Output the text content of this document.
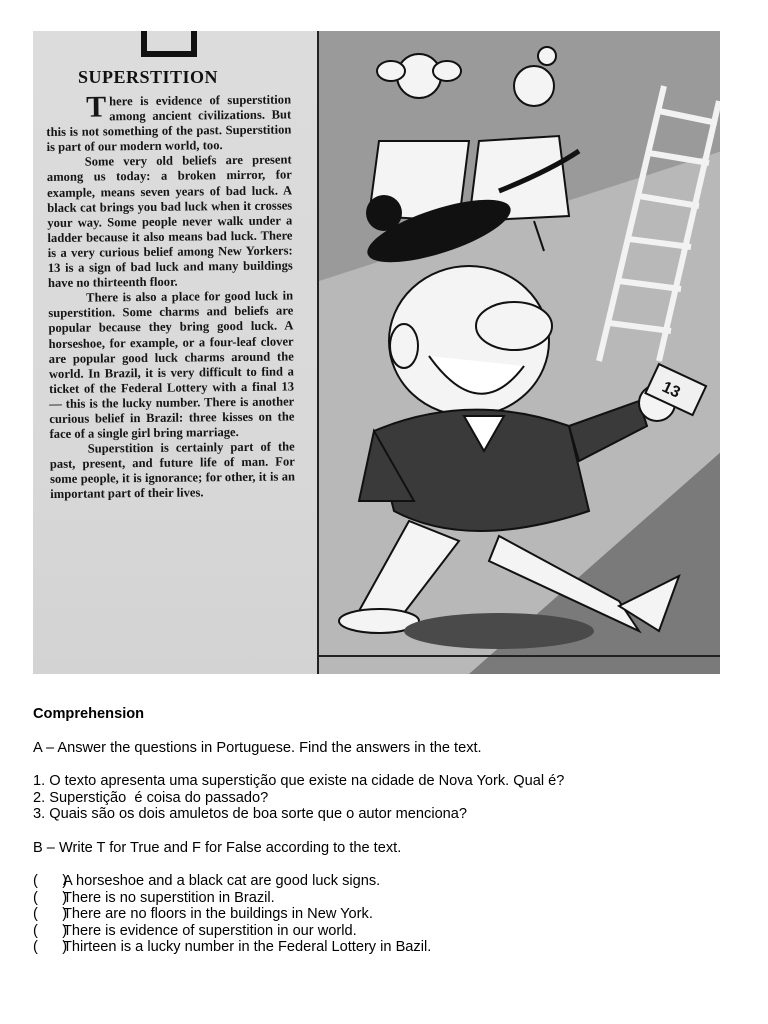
SUPERSTITION

There is evidence of superstition among ancient civilizations. But this is not something of the past. Superstition is part of our modern world, too.

Some very old beliefs are present among us today: a broken mirror, for example, means seven years of bad luck. A black cat brings you bad luck when it crosses your way. Some people never walk under a ladder because it also means bad luck. There is a very curious belief among New Yorkers: 13 is a sign of bad luck and many buildings have no thirteenth floor.

There is also a place for good luck in superstition. Some charms and beliefs are popular because they bring good luck. A horseshoe, for example, or a four-leaf clover are popular good luck charms around the world. In Brazil, it is very difficult to find a ticket of the Federal Lottery with a final 13 — this is the lucky number. There is another curious belief in Brazil: three kisses on the face of a single girl bring marriage.

Superstition is certainly part of the past, present, and future life of man. For some people, it is ignorance; for other, it is an important part of their lives.

13
Comprehension

A – Answer the questions in Portuguese. Find the answers in the text.

1. O texto apresenta uma superstição que existe na cidade de Nova York. Qual é?

2. Superstição  é coisa do passado?

3. Quais são os dois amuletos de boa sorte que o autor menciona?

B – Write T for True and F for False according to the text.

(      )
A horseshoe and a black cat are good luck signs.
(      )
There is no superstition in Brazil.
(      )
There are no floors in the buildings in New York.
(      )
There is evidence of superstition in our world.
(      )
Thirteen is a lucky number in the Federal Lottery in Bazil.
